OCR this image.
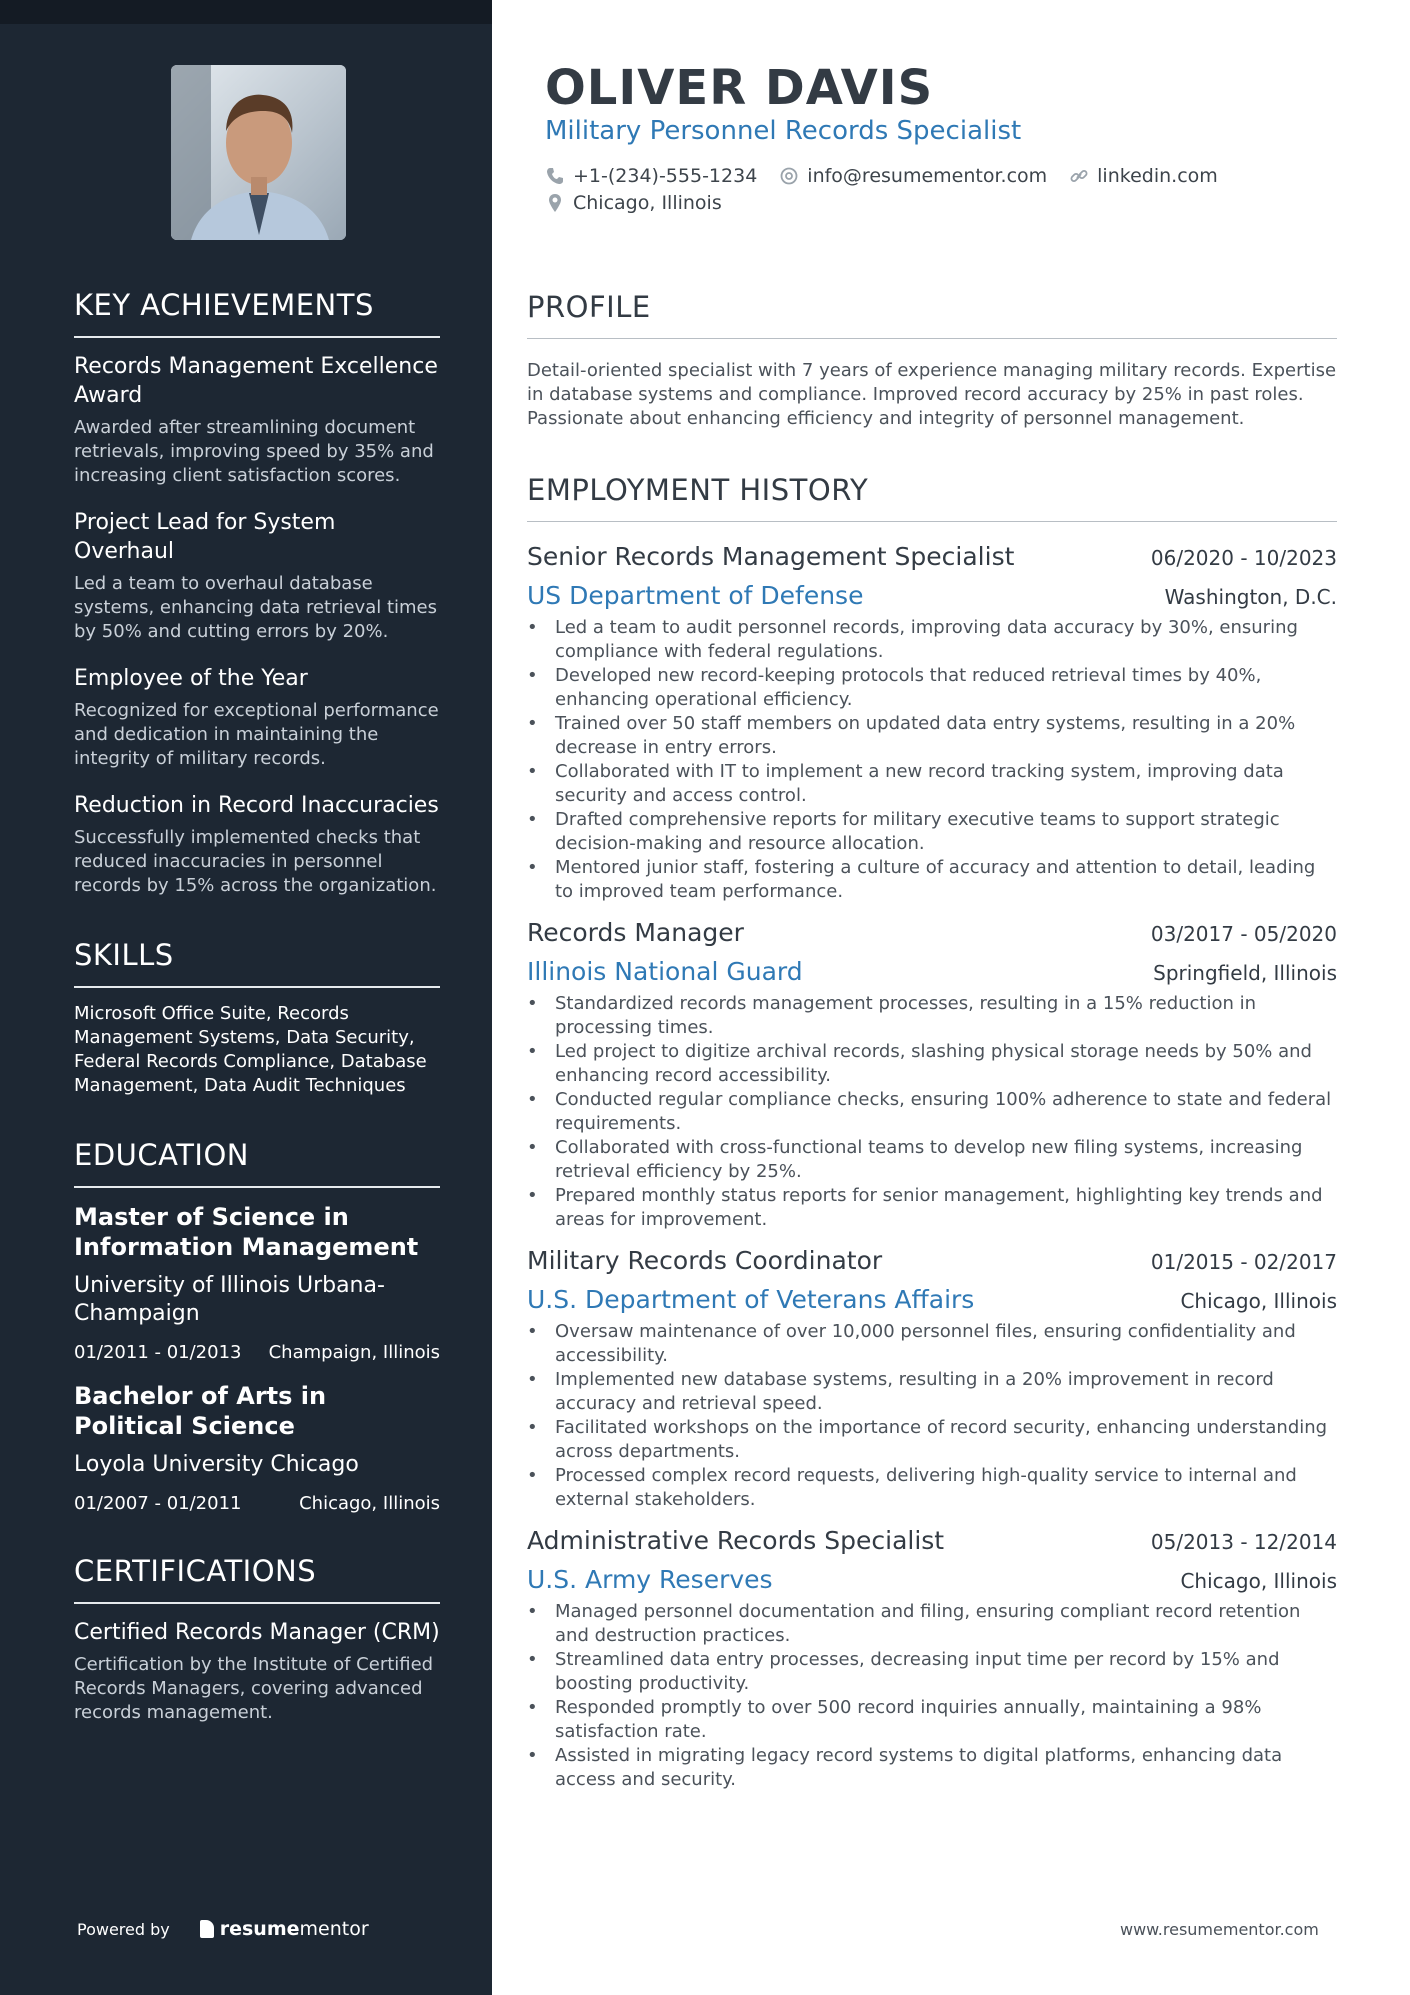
KEY ACHIEVEMENTS
Records Management Excellence Award
Awarded after streamlining document retrievals, improving speed by 35% and increasing client satisfaction scores.
Project Lead for System Overhaul
Led a team to overhaul database systems, enhancing data retrieval times by 50% and cutting errors by 20%.
Employee of the Year
Recognized for exceptional performance and dedication in maintaining the integrity of military records.
Reduction in Record Inaccuracies
Successfully implemented checks that reduced inaccuracies in personnel records by 15% across the organization.
SKILLS
Microsoft Office Suite, Records Management Systems, Data Security, Federal Records Compliance, Database Management, Data Audit Techniques
EDUCATION
Master of Science in Information Management
University of Illinois Urbana-Champaign
01/2011 - 01/2013 Champaign, Illinois
Bachelor of Arts in Political Science
Loyola University Chicago
01/2007 - 01/2011	Chicago, Illinois
CERTIFICATIONS
Certified Records Manager (CRM)
Certification by the Institute of Certified Records Managers, covering advanced records management.
Powered by	resume mentor
OLIVER DAVIS
Military Personnel Records Specialist
+1-(234)-555-1234	info@resumementor.com	linkedin.com
Chicago, Illinois
PROFILE
Detail-oriented specialist with 7 years of experience managing military records. Expertise in database systems and compliance. Improved record accuracy by 25% in past roles. Passionate about enhancing efficiency and integrity of personnel management.
EMPLOYMENT HISTORY
Senior Records Management Specialist	06/2020 - 10/2023
US Department of Defense	Washington, D.C.
• Led a team to audit personnel records, improving data accuracy by 30%, ensuring compliance with federal regulations.
• Developed new record-keeping protocols that reduced retrieval times by 40%, enhancing operational efficiency.
• Trained over 50 staff members on updated data entry systems, resulting in a 20% decrease in entry errors.
• Collaborated with IT to implement a new record tracking system, improving data security and access control.
• Drafted comprehensive reports for military executive teams to support strategic decision-making and resource allocation.
• Mentored junior staff, fostering a culture of accuracy and attention to detail, leading to improved team performance.
Records Manager	03/2017 - 05/2020
Illinois National Guard	Springfield, Illinois
• Standardized records management processes, resulting in a 15% reduction in processing times.
• Led project to digitize archival records, slashing physical storage needs by 50% and enhancing record accessibility.
• Conducted regular compliance checks, ensuring 100% adherence to state and federal requirements.
• Collaborated with cross-functional teams to develop new filing systems, increasing retrieval efficiency by 25%.
• Prepared monthly status reports for senior management, highlighting key trends and areas for improvement.
Military Records Coordinator	01/2015 - 02/2017
U.S. Department of Veterans Affairs	Chicago, Illinois
• Oversaw maintenance of over 10,000 personnel files, ensuring confidentiality and accessibility.
• Implemented new database systems, resulting in a 20% improvement in record accuracy and retrieval speed.
• Facilitated workshops on the importance of record security, enhancing understanding across departments.
• Processed complex record requests, delivering high-quality service to internal and external stakeholders.
Administrative Records Specialist	05/2013 - 12/2014
U.S. Army Reserves	Chicago, Illinois
• Managed personnel documentation and filing, ensuring compliant record retention and destruction practices.
• Streamlined data entry processes, decreasing input time per record by 15% and boosting productivity.
• Responded promptly to over 500 record inquiries annually, maintaining a 98% satisfaction rate.
• Assisted in migrating legacy record systems to digital platforms, enhancing data access and security.
www.resumementor.com
